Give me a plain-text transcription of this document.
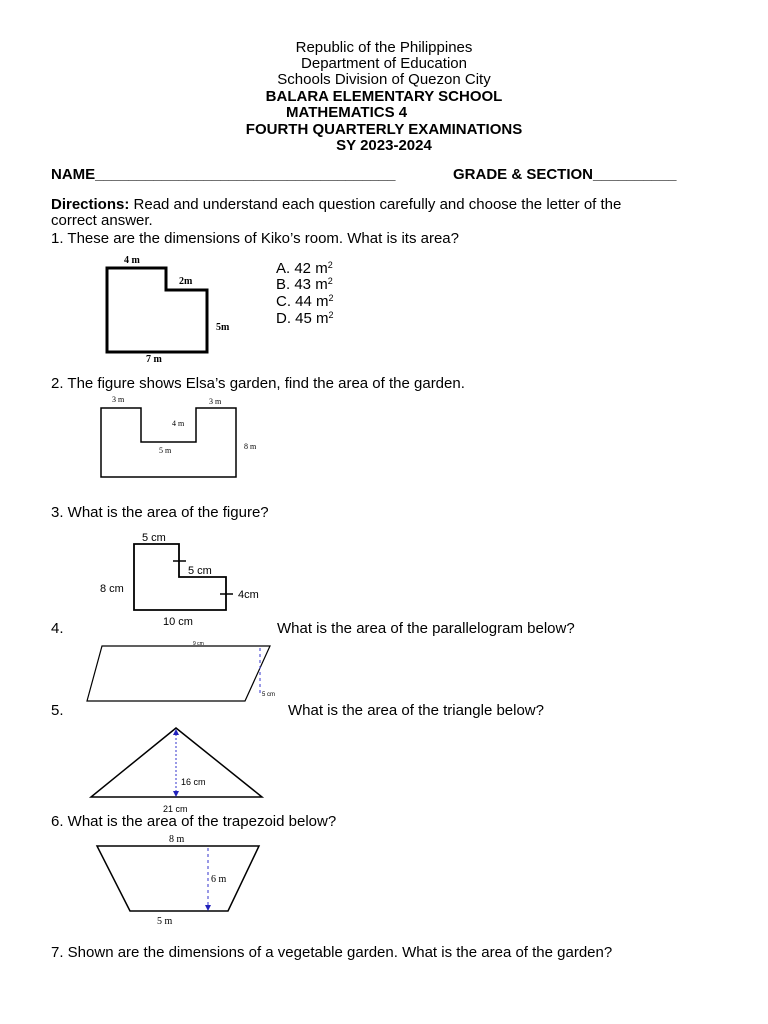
Republic of the Philippines
Department of Education
Schools Division of Quezon City
BALARA ELEMENTARY SCHOOL
MATHEMATICS 4
FOURTH QUARTERLY EXAMINATIONS
SY 2023-2024
NAME____________________________________	GRADE & SECTION__________
Directions: Read and understand each question carefully and choose the letter of the
correct answer.
1. These are the dimensions of Kiko’s room. What is its area?
A. 42 $m^2$
B. 43 $m^2$
C. 44 $m^2$
D. 45 $m^2$
4 m
2m
5m
7 m
2. The figure shows Elsa’s garden, find the area of the garden.
3 m	3 m
4 m
5 m	8 m
3. What is the area of the figure?
5 cm
5 cm
8 cm	4cm
10 cm
4.	What is the area of the parallelogram below?
9 cm
5 cm
5.	What is the area of the triangle below?
16 cm
21 cm
6. What is the area of the trapezoid below?
8 m
6 m
5 m
7. Shown are the dimensions of a vegetable garden. What is the area of the garden?
